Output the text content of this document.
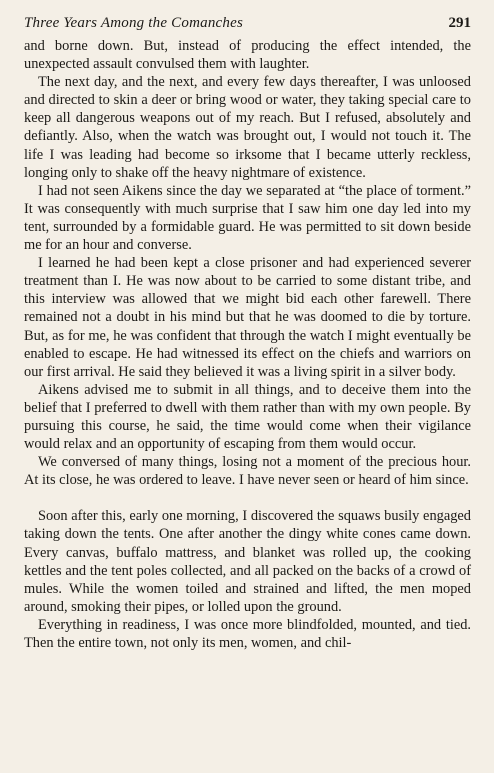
Three Years Among the Comanches	291

and borne down. But, instead of producing the effect intended, the unexpected assault convulsed them with laughter.

The next day, and the next, and every few days thereafter, I was unloosed and directed to skin a deer or bring wood or water, they taking special care to keep all dangerous weapons out of my reach. But I refused, absolutely and defiantly. Also, when the watch was brought out, I would not touch it. The life I was leading had become so irksome that I became utterly reckless, longing only to shake off the heavy nightmare of existence.

I had not seen Aikens since the day we separated at “the place of torment.” It was consequently with much surprise that I saw him one day led into my tent, surrounded by a formidable guard. He was permitted to sit down beside me for an hour and converse.

I learned he had been kept a close prisoner and had experienced severer treatment than I. He was now about to be carried to some distant tribe, and this interview was allowed that we might bid each other farewell. There remained not a doubt in his mind but that he was doomed to die by torture. But, as for me, he was confident that through the watch I might eventually be enabled to escape. He had witnessed its effect on the chiefs and warriors on our first arrival. He said they believed it was a living spirit in a silver body.

Aikens advised me to submit in all things, and to deceive them into the belief that I preferred to dwell with them rather than with my own people. By pursuing this course, he said, the time would come when their vigilance would relax and an opportunity of escaping from them would occur.

We conversed of many things, losing not a moment of the precious hour. At its close, he was ordered to leave. I have never seen or heard of him since.

Soon after this, early one morning, I discovered the squaws busily engaged taking down the tents. One after another the dingy white cones came down. Every canvas, buffalo mattress, and blanket was rolled up, the cooking kettles and the tent poles collected, and all packed on the backs of a crowd of mules. While the women toiled and strained and lifted, the men moped around, smoking their pipes, or lolled upon the ground.

Everything in readiness, I was once more blindfolded, mounted, and tied. Then the entire town, not only its men, women, and chil-
